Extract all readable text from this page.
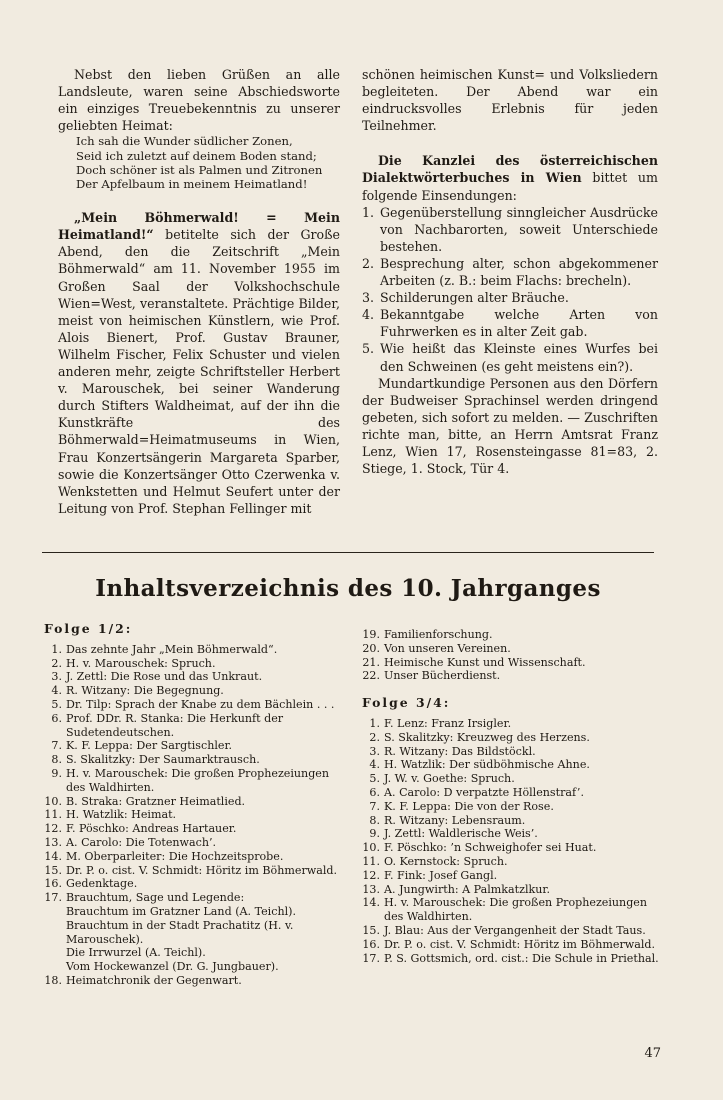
Nebst den lieben Grüßen an alle Landsleute, waren seine Abschiedsworte ein einziges Treuebekenntnis zu unserer geliebten Heimat:

Ich sah die Wunder südlicher Zonen,
Seid ich zuletzt auf deinem Boden stand;
Doch schöner ist als Palmen und Zitronen
Der Apfelbaum in meinem Heimatland!

„Mein Böhmerwald! = Mein Heimatland!“ betitelte sich der Große Abend, den die Zeitschrift „Mein Böhmerwald“ am 11. November 1955 im Großen Saal der Volkshochschule Wien=West, veranstaltete. Prächtige Bilder, meist von heimischen Künstlern, wie Prof. Alois Bienert, Prof. Gustav Brauner, Wilhelm Fischer, Felix Schuster und vielen anderen mehr, zeigte Schriftsteller Herbert v. Marouschek, bei seiner Wanderung durch Stifters Waldheimat, auf der ihn die Kunstkräfte des Böhmerwald=Heimatmuseums in Wien, Frau Konzertsängerin Margareta Sparber, sowie die Konzertsänger Otto Czerwenka v. Wenkstetten und Helmut Seufert unter der Leitung von Prof. Stephan Fellinger mit

schönen heimischen Kunst= und Volksliedern begleiteten. Der Abend war ein eindrucksvolles Erlebnis für jeden Teilnehmer.

Die Kanzlei des österreichischen Dialektwörterbuches in Wien bittet um folgende Einsendungen:

1. Gegenüberstellung sinngleicher Ausdrücke von Nachbarorten, soweit Unterschiede bestehen.
2. Besprechung alter, schon abgekommener Arbeiten (z. B.: beim Flachs: brecheln).
3. Schilderungen alter Bräuche.
4. Bekanntgabe welche Arten von Fuhrwerken es in alter Zeit gab.
5. Wie heißt das Kleinste eines Wurfes bei den Schweinen (es geht meistens ein?).

Mundartkundige Personen aus den Dörfern der Budweiser Sprachinsel werden dringend gebeten, sich sofort zu melden. — Zuschriften richte man, bitte, an Herrn Amtsrat Franz Lenz, Wien 17, Rosensteingasse 81=83, 2. Stiege, 1. Stock, Tür 4.

Inhaltsverzeichnis des 10. Jahrganges
Folge 1/2:
1. Das zehnte Jahr „Mein Böhmerwald“.
2. H. v. Marouschek: Spruch.
3. J. Zettl: Die Rose und das Unkraut.
4. R. Witzany: Die Begegnung.
5. Dr. Tilp: Sprach der Knabe zu dem Bächlein . . .
6. Prof. DDr. R. Stanka: Die Herkunft der Sudetendeutschen.
7. K. F. Leppa: Der Sargtischler.
8. S. Skalitzky: Der Saumarktrausch.
9. H. v. Marouschek: Die großen Prophezeiungen des Waldhirten.
10. B. Straka: Gratzner Heimatlied.
11. H. Watzlik: Heimat.
12. F. Pöschko: Andreas Hartauer.
13. A. Carolo: Die Totenwach’.
14. M. Oberparleiter: Die Hochzeitsprobe.
15. Dr. P. o. cist. V. Schmidt: Höritz im Böhmerwald.
16. Gedenktage.
17. Brauchtum, Sage und Legende:
Brauchtum im Gratzner Land (A. Teichl).
Brauchtum in der Stadt Prachatitz (H. v. Marouschek).
Die Irrwurzel (A. Teichl).
Vom Hockewanzel (Dr. G. Jungbauer).
18. Heimatchronik der Gegenwart.
19. Familienforschung.
20. Von unseren Vereinen.
21. Heimische Kunst und Wissenschaft.
22. Unser Bücherdienst.
Folge 3/4:
1. F. Lenz: Franz Irsigler.
2. S. Skalitzky: Kreuzweg des Herzens.
3. R. Witzany: Das Bildstöckl.
4. H. Watzlik: Der südböhmische Ahne.
5. J. W. v. Goethe: Spruch.
6. A. Carolo: D verpatzte Höllenstraf’.
7. K. F. Leppa: Die von der Rose.
8. R. Witzany: Lebensraum.
9. J. Zettl: Waldlerische Weis’.
10. F. Pöschko: ’n Schweighofer sei Huat.
11. O. Kernstock: Spruch.
12. F. Fink: Josef Gangl.
13. A. Jungwirth: A Palmkatzlkur.
14. H. v. Marouschek: Die großen Prophezeiungen des Waldhirten.
15. J. Blau: Aus der Vergangenheit der Stadt Taus.
16. Dr. P. o. cist. V. Schmidt: Höritz im Böhmerwald.
17. P. S. Gottsmich, ord. cist.: Die Schule in Priethal.
47
